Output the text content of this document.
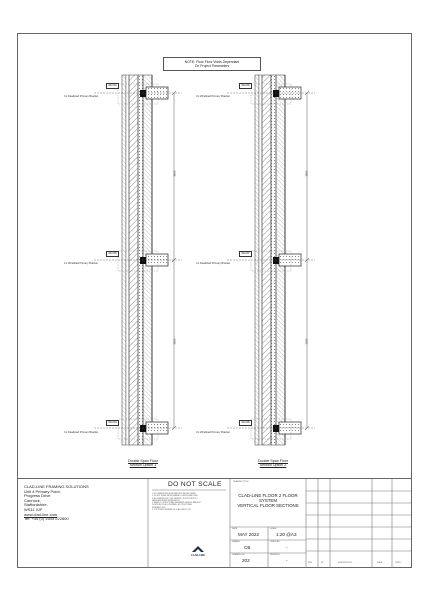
NOTE: Floor Floor Voids Dependant
On Project Parameters
DE-004
CL Deadload Primary Bracket
DE-005
CL Windload Primary Bracket
DE-004
CL Deadload Primary Bracket
3600
3300
Double Span Floor
Section Option 1
DE-006
CL Windload Primary Bracket
DE-007
CL Deadload Primary Bracket
DE-006
CL Windload Primary Bracket
3600
3300
Double Span Floor
Section Option 2
CLAD-LINE FRAMING SOLUTIONS
Unit 4 Primary Point,
Progress Drive
Cannock,
Staffordshire,
WS11 0JF
www.clad-line.com
Tel: +44 (0) 1543 222800
DO NOT SCALE
1. ALL DIMENSIONS IN MILLIMETRES UNLESS STATED
2. DO NOT SCALE FROM DRAWING, USE FIGURED DIMS
3. ALL DIMENSIONS TO BE VERIFIED ON SITE PRIOR TO
FABRICATION AND INSTALLATION
4. REFER TO STRUCTURAL ENGINEERS DETAILS, BRACKET
POSITIONS TO BE CONFIRMED BY STRUCTURAL
ENGINEER ONLY
5. COPYRIGHT RETAINED BY CLAD-LINE FS LTD
CLAD-LINE
DRAWING TITLE
CLAD-LINE FLOOR 2 FLOOR
SYSTEM
VERTICAL FLOOR SECTIONS
DATE
MAY 2022
SCALE
1:20 @A3
DRAWN
CB
CHECKED
-
DRAWING No.
202
REVISION
-	REV	BY	DESCRIPTION	DATE	CHK'D
